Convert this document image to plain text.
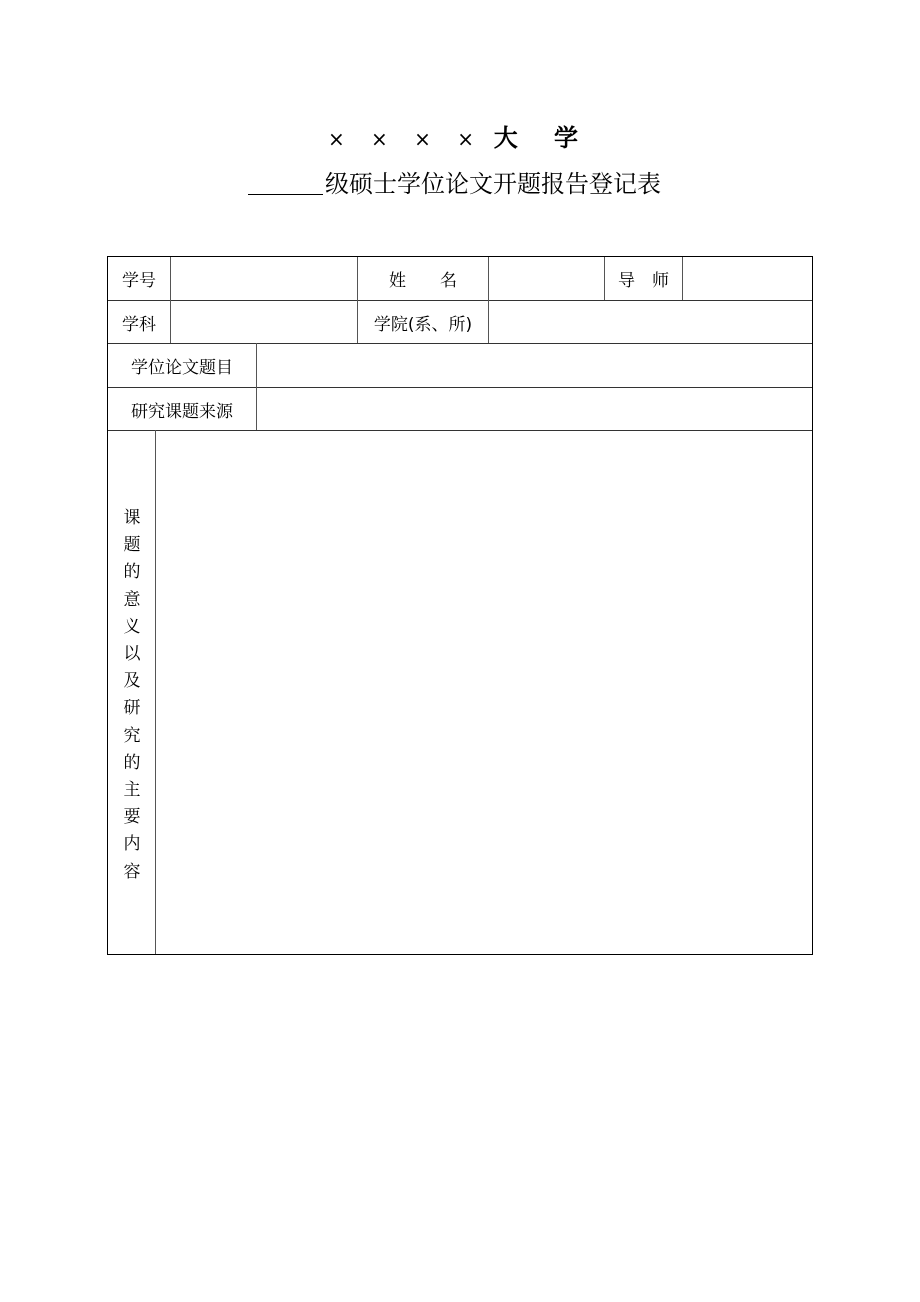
× × × × 大 学
级硕士学位论文开题报告登记表
学号	姓　　名	导　师
学科	学院(系、所)
学位论文题目
研究课题来源
课
题
的
意
义
以
及
研
究
的
主
要
内
容
